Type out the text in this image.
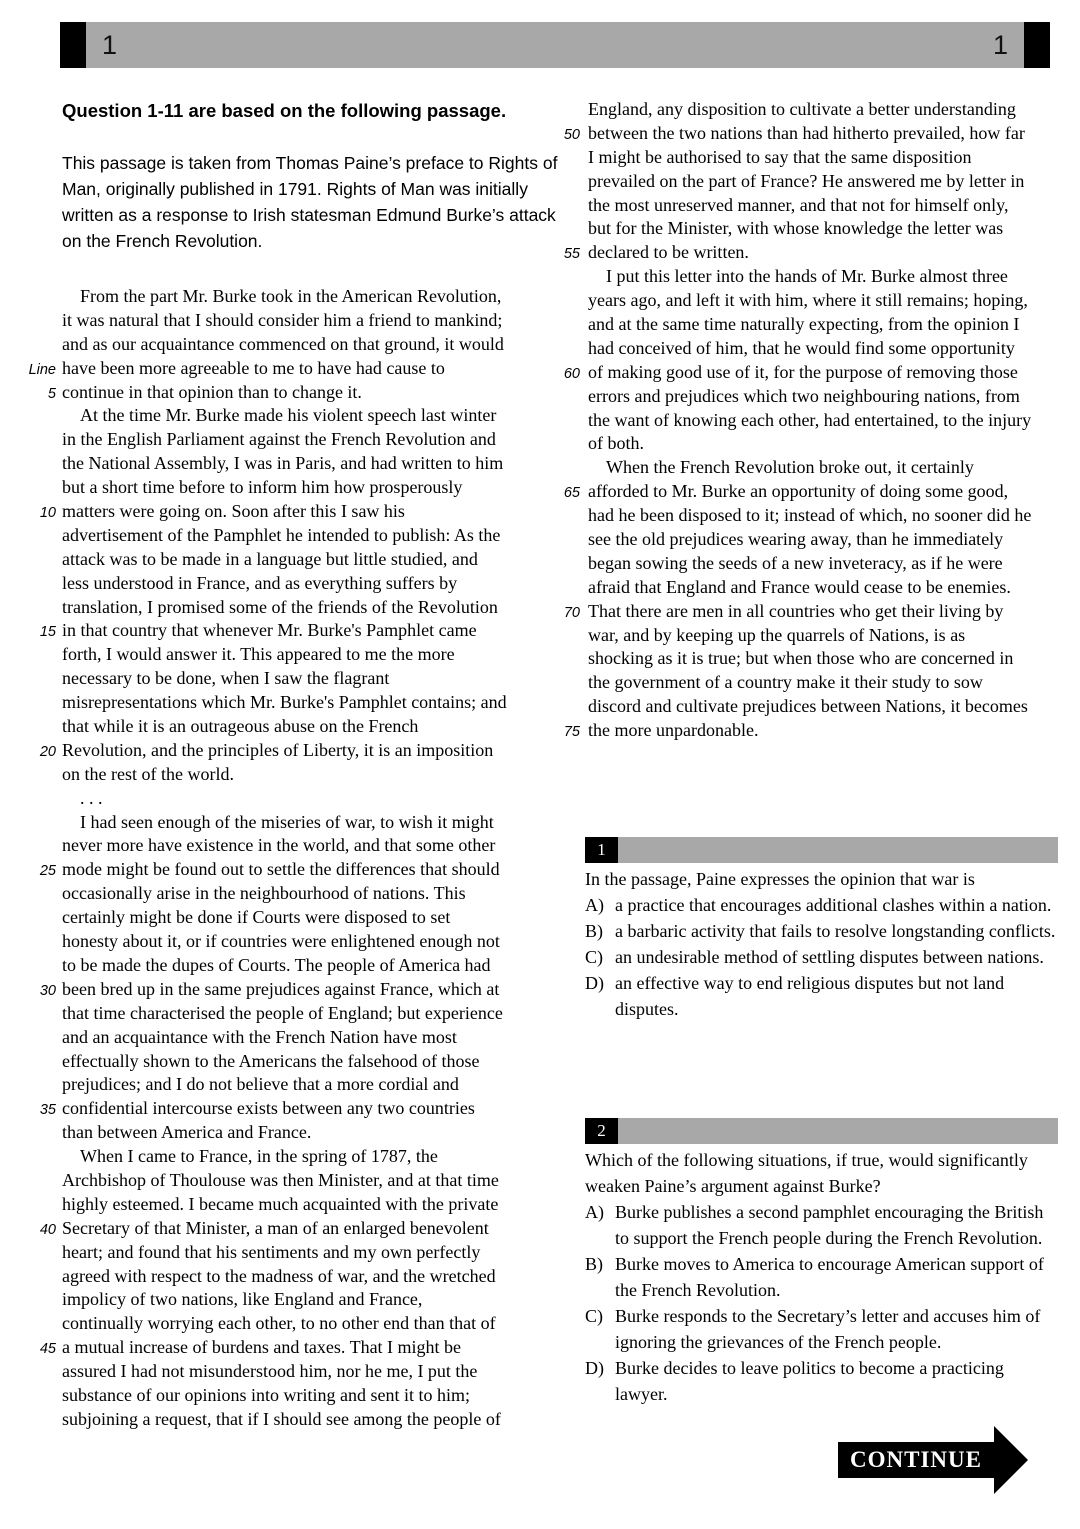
1	1
Question 1-11 are based on the following passage.
This passage is taken from Thomas Paine’s preface to Rights of Man, originally published in 1791. Rights of Man was initially written as a response to Irish statesman Edmund Burke’s attack on the French Revolution.
From the part Mr. Burke took in the American Revolution,
it was natural that I should consider him a friend to mankind;
and as our acquaintance commenced on that ground, it would
Line have been more agreeable to me to have had cause to
5 continue in that opinion than to change it.
At the time Mr. Burke made his violent speech last winter
in the English Parliament against the French Revolution and
the National Assembly, I was in Paris, and had written to him
but a short time before to inform him how prosperously
10 matters were going on. Soon after this I saw his
advertisement of the Pamphlet he intended to publish: As the
attack was to be made in a language but little studied, and
less understood in France, and as everything suffers by
translation, I promised some of the friends of the Revolution
15 in that country that whenever Mr. Burke's Pamphlet came
forth, I would answer it. This appeared to me the more
necessary to be done, when I saw the flagrant
misrepresentations which Mr. Burke's Pamphlet contains; and
that while it is an outrageous abuse on the French
20 Revolution, and the principles of Liberty, it is an imposition
on the rest of the world.
. . .
I had seen enough of the miseries of war, to wish it might
never more have existence in the world, and that some other
25 mode might be found out to settle the differences that should
occasionally arise in the neighbourhood of nations. This
certainly might be done if Courts were disposed to set
honesty about it, or if countries were enlightened enough not
to be made the dupes of Courts. The people of America had
30 been bred up in the same prejudices against France, which at
that time characterised the people of England; but experience
and an acquaintance with the French Nation have most
effectually shown to the Americans the falsehood of those
prejudices; and I do not believe that a more cordial and
35 confidential intercourse exists between any two countries
than between America and France.
When I came to France, in the spring of 1787, the
Archbishop of Thoulouse was then Minister, and at that time
highly esteemed. I became much acquainted with the private
40 Secretary of that Minister, a man of an enlarged benevolent
heart; and found that his sentiments and my own perfectly
agreed with respect to the madness of war, and the wretched
impolicy of two nations, like England and France,
continually worrying each other, to no other end than that of
45 a mutual increase of burdens and taxes. That I might be
assured I had not misunderstood him, nor he me, I put the
substance of our opinions into writing and sent it to him;
subjoining a request, that if I should see among the people of
England, any disposition to cultivate a better understanding
50 between the two nations than had hitherto prevailed, how far
I might be authorised to say that the same disposition
prevailed on the part of France? He answered me by letter in
the most unreserved manner, and that not for himself only,
but for the Minister, with whose knowledge the letter was
55 declared to be written.
I put this letter into the hands of Mr. Burke almost three
years ago, and left it with him, where it still remains; hoping,
and at the same time naturally expecting, from the opinion I
had conceived of him, that he would find some opportunity
60 of making good use of it, for the purpose of removing those
errors and prejudices which two neighbouring nations, from
the want of knowing each other, had entertained, to the injury
of both.
When the French Revolution broke out, it certainly
65 afforded to Mr. Burke an opportunity of doing some good,
had he been disposed to it; instead of which, no sooner did he
see the old prejudices wearing away, than he immediately
began sowing the seeds of a new inveteracy, as if he were
afraid that England and France would cease to be enemies.
70 That there are men in all countries who get their living by
war, and by keeping up the quarrels of Nations, is as
shocking as it is true; but when those who are concerned in
the government of a country make it their study to sow
discord and cultivate prejudices between Nations, it becomes
75 the more unpardonable.
1
In the passage, Paine expresses the opinion that war is
A) a practice that encourages additional clashes within a nation.
B) a barbaric activity that fails to resolve longstanding conflicts.
C) an undesirable method of settling disputes between nations.
D) an effective way to end religious disputes but not land disputes.
2
Which of the following situations, if true, would significantly weaken Paine’s argument against Burke?
A) Burke publishes a second pamphlet encouraging the British to support the French people during the French Revolution.
B) Burke moves to America to encourage American support of the French Revolution.
C) Burke responds to the Secretary’s letter and accuses him of ignoring the grievances of the French people.
D) Burke decides to leave politics to become a practicing lawyer.
CONTINUE
